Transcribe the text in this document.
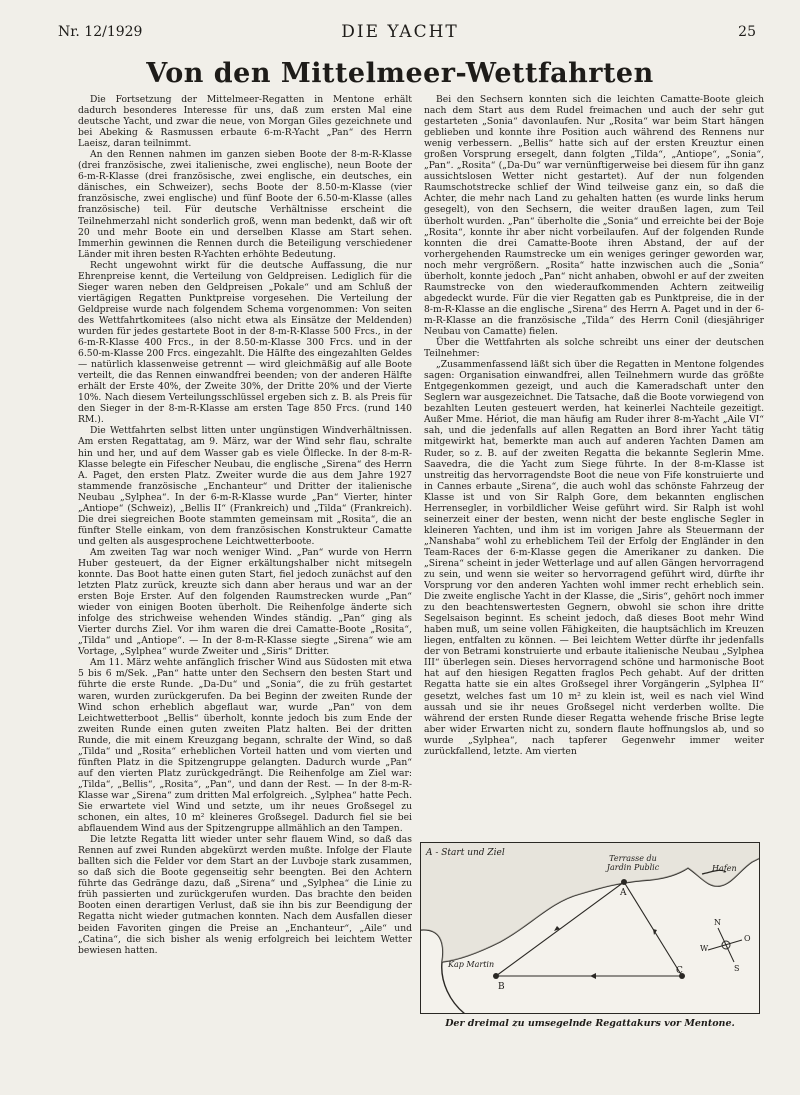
Nr. 12/1929	DIE YACHT	25
Von den Mittelmeer-Wettfahrten

Die Fortsetzung der Mittelmeer-Regatten in Mentone erhält dadurch besonderes Interesse für uns, daß zum ersten Mal eine deutsche Yacht, und zwar die neue, von Morgan Giles gezeichnete und bei Abeking & Rasmussen erbaute 6-m-R-Yacht „Pan“ des Herrn Laeisz, daran teilnimmt.

An den Rennen nahmen im ganzen sieben Boote der 8-m-R-Klasse (drei französische, zwei italienische, zwei englische), neun Boote der 6-m-R-Klasse (drei französische, zwei englische, ein deutsches, ein dänisches, ein Schweizer), sechs Boote der 8.50-m-Klasse (vier französische, zwei englische) und fünf Boote der 6.50-m-Klasse (alles französische) teil. Für deutsche Verhältnisse erscheint die Teilnehmerzahl nicht sonderlich groß, wenn man bedenkt, daß wir oft 20 und mehr Boote ein und derselben Klasse am Start sehen. Immerhin gewinnen die Rennen durch die Beteiligung verschiedener Länder mit ihren besten R-Yachten erhöhte Bedeutung.

Recht ungewohnt wirkt für die deutsche Auffassung, die nur Ehrenpreise kennt, die Verteilung von Geldpreisen. Lediglich für die Sieger waren neben den Geldpreisen „Pokale“ und am Schluß der viertägigen Regatten Punktpreise vorgesehen. Die Verteilung der Geldpreise wurde nach folgendem Schema vorgenommen: Von seiten des Wettfahrtkomitees (also nicht etwa als Einsätze der Meldenden) wurden für jedes gestartete Boot in der 8-m-R-Klasse 500 Frcs., in der 6-m-R-Klasse 400 Frcs., in der 8.50-m-Klasse 300 Frcs. und in der 6.50-m-Klasse 200 Frcs. eingezahlt. Die Hälfte des eingezahlten Geldes — natürlich klassenweise getrennt — wird gleichmäßig auf alle Boote verteilt, die das Rennen einwandfrei beenden; von der anderen Hälfte erhält der Erste 40%, der Zweite 30%, der Dritte 20% und der Vierte 10%. Nach diesem Verteilungsschlüssel ergeben sich z. B. als Preis für den Sieger in der 8-m-R-Klasse am ersten Tage 850 Frcs. (rund 140 RM.).

Die Wettfahrten selbst litten unter ungünstigen Windverhältnissen. Am ersten Regattatag, am 9. März, war der Wind sehr flau, schralte hin und her, und auf dem Wasser gab es viele Ölflecke. In der 8-m-R-Klasse belegte ein Fifescher Neubau, die englische „Sirena“ des Herrn A. Paget, den ersten Platz. Zweiter wurde die aus dem Jahre 1927 stammende französische „Enchanteur“ und Dritter der italienische Neubau „Sylphea“. In der 6-m-R-Klasse wurde „Pan“ Vierter, hinter „Antiope“ (Schweiz), „Bellis II“ (Frankreich) und „Tilda“ (Frankreich). Die drei siegreichen Boote stammten gemeinsam mit „Rosita“, die an fünfter Stelle einkam, von dem französischen Konstrukteur Camatte und gelten als ausgesprochene Leichtwetterboote.

Am zweiten Tag war noch weniger Wind. „Pan“ wurde von Herrn Huber gesteuert, da der Eigner erkältungshalber nicht mitsegeln konnte. Das Boot hatte einen guten Start, fiel jedoch zunächst auf den letzten Platz zurück, kreuzte sich dann aber heraus und war an der ersten Boje Erster. Auf den folgenden Raumstrecken wurde „Pan“ wieder von einigen Booten überholt. Die Reihenfolge änderte sich infolge des strichweise wehenden Windes ständig. „Pan“ ging als Vierter durchs Ziel. Vor ihm waren die drei Camatte-Boote „Rosita“, „Tilda“ und „Antiope“. — In der 8-m-R-Klasse siegte „Sirena“ wie am Vortage, „Sylphea“ wurde Zweiter und „Siris“ Dritter.

Am 11. März wehte anfänglich frischer Wind aus Südosten mit etwa 5 bis 6 m/Sek. „Pan“ hatte unter den Sechsern den besten Start und führte die erste Runde. „Da-Du“ und „Sonia“, die zu früh gestartet waren, wurden zurückgerufen. Da bei Beginn der zweiten Runde der Wind schon erheblich abgeflaut war, wurde „Pan“ von dem Leichtwetterboot „Bellis“ überholt, konnte jedoch bis zum Ende der zweiten Runde einen guten zweiten Platz halten. Bei der dritten Runde, die mit einem Kreuzgang begann, schralte der Wind, so daß „Tilda“ und „Rosita“ erheblichen Vorteil hatten und vom vierten und fünften Platz in die Spitzengruppe gelangten. Dadurch wurde „Pan“ auf den vierten Platz zurückgedrängt. Die Reihenfolge am Ziel war: „Tilda“, „Bellis“, „Rosita“, „Pan“, und dann der Rest. — In der 8-m-R-Klasse war „Sirena“ zum dritten Mal erfolgreich. „Sylphea“ hatte Pech. Sie erwartete viel Wind und setzte, um ihr neues Großsegel zu schonen, ein altes, 10 m² kleineres Großsegel. Dadurch fiel sie bei abflauendem Wind aus der Spitzengruppe allmählich an den Tampen.

Die letzte Regatta litt wieder unter sehr flauem Wind, so daß das Rennen auf zwei Runden abgekürzt werden mußte. Infolge der Flaute ballten sich die Felder vor dem Start an der Luvboje stark zusammen, so daß sich die Boote gegenseitig sehr beengten. Bei den Achtern führte das Gedränge dazu, daß „Sirena“ und „Sylphea“ die Linie zu früh passierten und zurückgerufen wurden. Das brachte den beiden Booten einen derartigen Verlust, daß sie ihn bis zur Beendigung der Regatta nicht wieder gutmachen konnten. Nach dem Ausfallen dieser beiden Favoriten gingen die Preise an „Enchanteur“, „Aile“ und „Catina“, die sich bisher als wenig erfolgreich bei leichtem Wetter bewiesen hatten.

Bei den Sechsern konnten sich die leichten Camatte-Boote gleich nach dem Start aus dem Rudel freimachen und auch der sehr gut gestarteten „Sonia“ davonlaufen. Nur „Rosita“ war beim Start hängen geblieben und konnte ihre Position auch während des Rennens nur wenig verbessern. „Bellis“ hatte sich auf der ersten Kreuztur einen großen Vorsprung ersegelt, dann folgten „Tilda“, „Antiope“, „Sonia“, „Pan“. „Rosita“ („Da-Du“ war vernünftigerweise bei diesem für ihn ganz aussichtslosen Wetter nicht gestartet). Auf der nun folgenden Raumschotstrecke schlief der Wind teilweise ganz ein, so daß die Achter, die mehr nach Land zu gehalten hatten (es wurde links herum gesegelt), von den Sechsern, die weiter draußen lagen, zum Teil überholt wurden. „Pan“ überholte die „Sonia“ und erreichte bei der Boje „Rosita“, konnte ihr aber nicht vorbeilaufen. Auf der folgenden Runde konnten die drei Camatte-Boote ihren Abstand, der auf der vorhergehenden Raumstrecke um ein weniges geringer geworden war, noch mehr vergrößern. „Rosita“ hatte inzwischen auch die „Sonia“ überholt, konnte jedoch „Pan“ nicht anhaben, obwohl er auf der zweiten Raumstrecke von den wiederaufkommenden Achtern zeitweilig abgedeckt wurde. Für die vier Regatten gab es Punktpreise, die in der 8-m-R-Klasse an die englische „Sirena“ des Herrn A. Paget und in der 6-m-R-Klasse an die französische „Tilda“ des Herrn Conil (diesjähriger Neubau von Camatte) fielen.

Über die Wettfahrten als solche schreibt uns einer der deutschen Teilnehmer:

„Zusammenfassend läßt sich über die Regatten in Mentone folgendes sagen: Organisation einwandfrei, allen Teilnehmern wurde das größte Entgegenkommen gezeigt, und auch die Kameradschaft unter den Seglern war ausgezeichnet. Die Tatsache, daß die Boote vorwiegend von bezahlten Leuten gesteuert werden, hat keinerlei Nachteile gezeitigt. Außer Mme. Hériot, die man häufig am Ruder ihrer 8-m-Yacht „Aile VI“ sah, und die jedenfalls auf allen Regatten an Bord ihrer Yacht tätig mitgewirkt hat, bemerkte man auch auf anderen Yachten Damen am Ruder, so z. B. auf der zweiten Regatta die bekannte Seglerin Mme. Saavedra, die die Yacht zum Siege führte. In der 8-m-Klasse ist unstreitig das hervorragendste Boot die neue von Fife konstruierte und in Cannes erbaute „Sirena“, die auch wohl das schönste Fahrzeug der Klasse ist und von Sir Ralph Gore, dem bekannten englischen Herrensegler, in vorbildlicher Weise geführt wird. Sir Ralph ist wohl seinerzeit einer der besten, wenn nicht der beste englische Segler in kleineren Yachten, und ihm ist im vorigen Jahre als Steuermann der „Nanshaba“ wohl zu erheblichem Teil der Erfolg der Engländer in den Team-Races der 6-m-Klasse gegen die Amerikaner zu danken. Die „Sirena“ scheint in jeder Wetterlage und auf allen Gängen hervorragend zu sein, und wenn sie weiter so hervorragend geführt wird, dürfte ihr Vorsprung vor den anderen Yachten wohl immer recht erheblich sein. Die zweite englische Yacht in der Klasse, die „Siris“, gehört noch immer zu den beachtenswertesten Gegnern, obwohl sie schon ihre dritte Segelsaison beginnt. Es scheint jedoch, daß dieses Boot mehr Wind haben muß, um seine vollen Fähigkeiten, die hauptsächlich im Kreuzen liegen, entfalten zu können. — Bei leichtem Wetter dürfte ihr jedenfalls der von Betrami konstruierte und erbaute italienische Neubau „Sylphea III“ überlegen sein. Dieses hervorragend schöne und harmonische Boot hat auf den hiesigen Regatten fraglos Pech gehabt. Auf der dritten Regatta hatte sie ein altes Großsegel ihrer Vorgängerin „Sylphea II“ gesetzt, welches fast um 10 m² zu klein ist, weil es nach viel Wind aussah und sie ihr neues Großsegel nicht verderben wollte. Die während der ersten Runde dieser Regatta wehende frische Brise legte aber wider Erwarten nicht zu, sondern flaute hoffnungslos ab, und so wurde „Sylphea“, nach tapferer Gegenwehr immer weiter zurückfallend, letzte. Am vierten

A - Start und Ziel
Terrasse du Jardin Public	Hafen
Kap Martin
A
B
C
N
W
O
S
Der dreimal zu umsegelnde Regattakurs vor Mentone.
